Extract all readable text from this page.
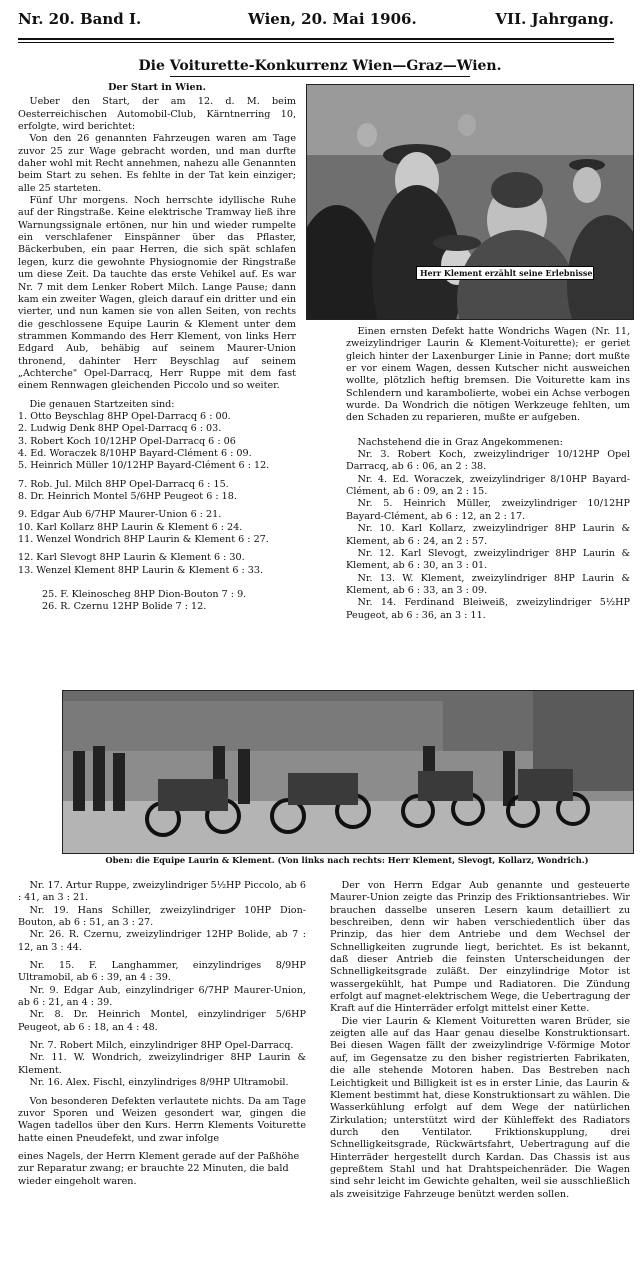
Nr. 20. Band I.	Wien, 20. Mai 1906.	VII. Jahrgang.
Die Voiturette-Konkurrenz Wien—Graz—Wien.

Der Start in Wien.

Ueber den Start, der am 12. d. M. beim Oesterreichischen Automobil-Club, Kärntnerring 10, erfolgte, wird berichtet:

Von den 26 genannten Fahrzeugen waren am Tage zuvor 25 zur Wage gebracht worden, und man durfte daher wohl mit Recht annehmen, nahezu alle Genannten beim Start zu sehen. Es fehlte in der Tat kein einziger; alle 25 starteten.

Fünf Uhr morgens. Noch herrschte idyllische Ruhe auf der Ringstraße. Keine elektrische Tramway ließ ihre Warnungssignale ertönen, nur hin und wieder rumpelte ein verschlafener Einspänner über das Pflaster, Bäckerbuben, ein paar Herren, die sich spät schlafen legen, kurz die gewohnte Physiognomie der Ringstraße um diese Zeit. Da tauchte das erste Vehikel auf. Es war Nr. 7 mit dem Lenker Robert Milch. Lange Pause; dann kam ein zweiter Wagen, gleich darauf ein dritter und ein vierter, und nun kamen sie von allen Seiten, von rechts die geschlossene Equipe Laurin & Klement unter dem strammen Kommando des Herr Klement, von links Herr Edgard Aub, behäbig auf seinem Maurer-Union thronend, dahinter Herr Beyschlag auf seinem „Achterche" Opel-Darracq, Herr Ruppe mit dem fast einem Rennwagen gleichenden Piccolo und so weiter.

Die genauen Startzeiten sind:

1. Otto Beyschlag 8HP Opel-Darracq 6 : 00.

2. Ludwig Denk 8HP Opel-Darracq 6 : 03.

3. Robert Koch 10/12HP Opel-Darracq 6 : 06

4. Ed. Woraczek 8/10HP Bayard-Clément 6 : 09.

5. Heinrich Müller 10/12HP Bayard-Clément 6 : 12.

7. Rob. Jul. Milch 8HP Opel-Darracq 6 : 15.

8. Dr. Heinrich Montel 5/6HP Peugeot 6 : 18.

9. Edgar Aub 6/7HP Maurer-Union 6 : 21.

10. Karl Kollarz 8HP Laurin & Klement 6 : 24.

11. Wenzel Wondrich 8HP Laurin & Klement 6 : 27.

12. Karl Slevogt 8HP Laurin & Klement 6 : 30.

13. Wenzel Klement 8HP Laurin & Klement 6 : 33.

25. F. Kleinoscheg 8HP Dion-Bouton 7 : 9.

26. R. Czernu 12HP Bolide 7 : 12.

Herr Klement erzählt seine Erlebnisse.

Einen ernsten Defekt hatte Wondrichs Wagen (Nr. 11, zweizylindriger Laurin & Klement-Voiturette); er geriet gleich hinter der Laxenburger Linie in Panne; dort mußte er vor einem Wagen, dessen Kutscher nicht ausweichen wollte, plötzlich heftig bremsen. Die Voiturette kam ins Schlendern und karambolierte, wobei ein Achse verbogen wurde. Da Wondrich die nötigen Werkzeuge fehlten, um den Schaden zu reparieren, mußte er aufgeben.

Nachstehend die in Graz Angekommenen:

Nr. 3. Robert Koch, zweizylindriger 10/12HP Opel Darracq, ab 6 : 06, an 2 : 38.

Nr. 4. Ed. Woraczek, zweizylindriger 8/10HP Bayard-Clément, ab 6 : 09, an 2 : 15.

Nr. 5. Heinrich Müller, zweizylindriger 10/12HP Bayard-Clément, ab 6 : 12, an 2 : 17.

Nr. 10. Karl Kollarz, zweizylindriger 8HP Laurin & Klement, ab 6 : 24, an 2 : 57.

Nr. 12. Karl Slevogt, zweizylindriger 8HP Laurin & Klement, ab 6 : 30, an 3 : 01.

Nr. 13. W. Klement, zweizylindriger 8HP Laurin & Klement, ab 6 : 33, an 3 : 09.

Nr. 14. Ferdinand Bleiweiß, zweizylindriger 5½HP Peugeot, ab 6 : 36, an 3 : 11.

Oben: die Equipe Laurin & Klement. (Von links nach rechts: Herr Klement, Slevogt, Kollarz, Wondrich.)

Nr. 17. Artur Ruppe, zweizylindriger 5½HP Piccolo, ab 6 : 41, an 3 : 21.

Nr. 19. Hans Schiller, zweizylindriger 10HP Dion-Bouton, ab 6 : 51, an 3 : 27.

Nr. 26. R. Czernu, zweizylindriger 12HP Bolide, ab 7 : 12, an 3 : 44.

Nr. 15. F. Langhammer, einzylindriges 8/9HP Ultramobil, ab 6 : 39, an 4 : 39.

Nr. 9. Edgar Aub, einzylindriger 6/7HP Maurer-Union, ab 6 : 21, an 4 : 39.

Nr. 8. Dr. Heinrich Montel, einzylindriger 5/6HP Peugeot, ab 6 : 18, an 4 : 48.

Nr. 7. Robert Milch, einzylindriger 8HP Opel-Darracq.

Nr. 11. W. Wondrich, zweizylindriger 8HP Laurin & Klement.

Nr. 16. Alex. Fischl, einzylindriges 8/9HP Ultramobil.

Von besonderen Defekten verlautete nichts. Da am Tage zuvor Sporen und Weizen gesondert war, gingen die Wagen tadellos über den Kurs. Herrn Klements Voiturette hatte einen Pneudefekt, und zwar infolge

eines Nagels, der Herrn Klement gerade auf der Paßhöhe zur Reparatur zwang; er brauchte 22 Minuten, die bald wieder eingeholt waren.

Der von Herrn Edgar Aub genannte und gesteuerte Maurer-Union zeigte das Prinzip des Friktionsantriebes. Wir brauchen dasselbe unseren Lesern kaum detailliert zu beschreiben, denn wir haben verschiedentlich über das Prinzip, das hier dem Antriebe und dem Wechsel der Schnelligkeiten zugrunde liegt, berichtet. Es ist bekannt, daß dieser Antrieb die feinsten Unterscheidungen der Schnelligkeitsgrade zuläßt. Der einzylindrige Motor ist wassergekühlt, hat Pumpe und Radiatoren. Die Zündung erfolgt auf magnet-elektrischem Wege, die Uebertragung der Kraft auf die Hinterräder erfolgt mittelst einer Kette.

Die vier Laurin & Klement Voituretten waren Brüder, sie zeigten alle auf das Haar genau dieselbe Konstruktionsart. Bei diesen Wagen fällt der zweizylindrige V-förmige Motor auf, im Gegensatze zu den bisher registrierten Fabrikaten, die alle stehende Motoren haben. Das Bestreben nach Leichtigkeit und Billigkeit ist es in erster Linie, das Laurin & Klement bestimmt hat, diese Konstruktionsart zu wählen. Die Wasserkühlung erfolgt auf dem Wege der natürlichen Zirkulation; unterstützt wird der Kühleffekt des Radiators durch den Ventilator. Friktionskupplung, drei Schnelligkeitsgrade, Rückwärtsfahrt, Uebertragung auf die Hinterräder hergestellt durch Kardan. Das Chassis ist aus gepreßtem Stahl und hat Drahtspeichenräder. Die Wagen sind sehr leicht im Gewichte gehalten, weil sie ausschließlich als zweisitzige Fahrzeuge benützt werden sollen.
